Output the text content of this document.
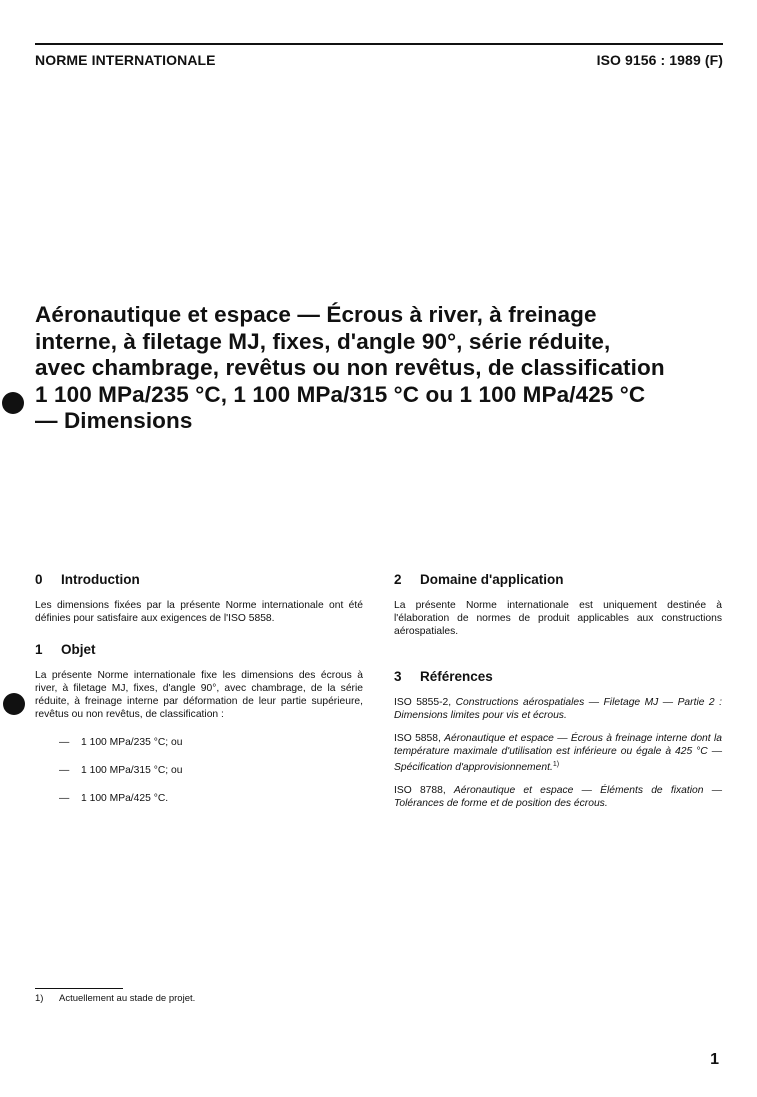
NORME INTERNATIONALE	ISO 9156 : 1989 (F)
Aéronautique et espace — Écrous à river, à freinage
interne, à filetage MJ, fixes, d'angle 90°, série réduite,
avec chambrage, revêtus ou non revêtus, de classification
1 100 MPa/235 °C, 1 100 MPa/315 °C ou 1 100 MPa/425 °C
— Dimensions
0 Introduction

Les dimensions fixées par la présente Norme internationale ont été définies pour satisfaire aux exigences de l'ISO 5858.

1 Objet

La présente Norme internationale fixe les dimensions des écrous à river, à filetage MJ, fixes, d'angle 90°, avec chambrage, de la série réduite, à freinage interne par déformation de leur partie supérieure, revêtus ou non revêtus, de classification :

— 1 100 MPa/235 °C; ou
— 1 100 MPa/315 °C; ou
— 1 100 MPa/425 °C.
2 Domaine d'application

La présente Norme internationale est uniquement destinée à l'élaboration de normes de produit applicables aux constructions aérospatiales.

3 Références
ISO 5855-2, Constructions aérospatiales — Filetage MJ — Partie 2 : Dimensions limites pour vis et écrous.
ISO 5858, Aéronautique et espace — Écrous à freinage interne dont la température maximale d'utilisation est inférieure ou égale à 425 °C — Spécification d'approvisionnement.$^{1)}$
ISO 8788, Aéronautique et espace — Éléments de fixation — Tolérances de forme et de position des écrous.
1) Actuellement au stade de projet.
1
